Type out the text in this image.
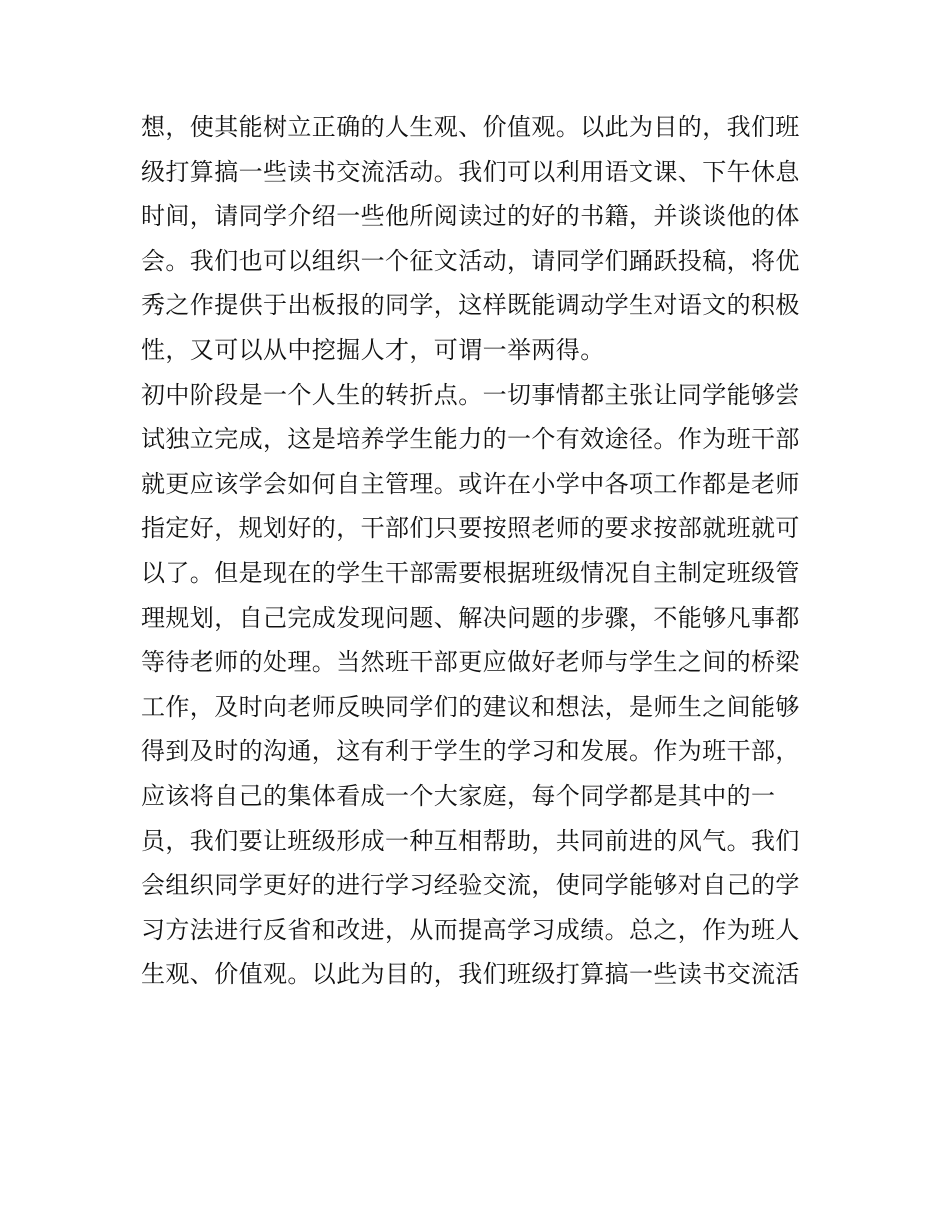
想，使其能树立正确的人生观、价值观。以此为目的，我们班
级打算搞一些读书交流活动。我们可以利用语文课、下午休息
时间，请同学介绍一些他所阅读过的好的书籍，并谈谈他的体
会。我们也可以组织一个征文活动，请同学们踊跃投稿，将优
秀之作提供于出板报的同学，这样既能调动学生对语文的积极
性，又可以从中挖掘人才，可谓一举两得。
初中阶段是一个人生的转折点。一切事情都主张让同学能够尝
试独立完成，这是培养学生能力的一个有效途径。作为班干部
就更应该学会如何自主管理。或许在小学中各项工作都是老师
指定好，规划好的，干部们只要按照老师的要求按部就班就可
以了。但是现在的学生干部需要根据班级情况自主制定班级管
理规划，自己完成发现问题、解决问题的步骤，不能够凡事都
等待老师的处理。当然班干部更应做好老师与学生之间的桥梁
工作，及时向老师反映同学们的建议和想法，是师生之间能够
得到及时的沟通，这有利于学生的学习和发展。作为班干部，
应该将自己的集体看成一个大家庭，每个同学都是其中的一
员，我们要让班级形成一种互相帮助，共同前进的风气。我们
会组织同学更好的进行学习经验交流，使同学能够对自己的学
习方法进行反省和改进，从而提高学习成绩。总之，作为班人
生观、价值观。以此为目的，我们班级打算搞一些读书交流活
